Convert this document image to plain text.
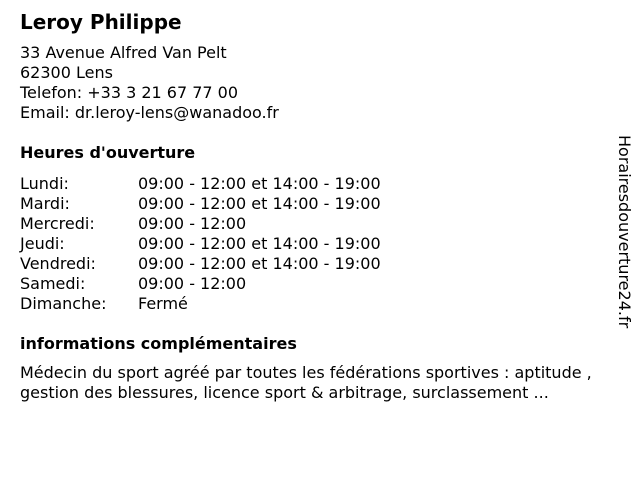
Leroy Philippe
33 Avenue Alfred Van Pelt
62300 Lens
Telefon: +33 3 21 67 77 00
Email: dr.leroy-lens@wanadoo.fr
Heures d'ouverture
Lundi:	09:00 - 12:00 et 14:00 - 19:00
Mardi:	09:00 - 12:00 et 14:00 - 19:00
Mercredi:	09:00 - 12:00
Jeudi:	09:00 - 12:00 et 14:00 - 19:00
Vendredi:	09:00 - 12:00 et 14:00 - 19:00
Samedi:	09:00 - 12:00
Dimanche:	Fermé
informations complémentaires
Médecin du sport agréé par toutes les fédérations sportives : aptitude , gestion des blessures, licence sport & arbitrage, surclassement ...
Horairesdouverture24.fr
